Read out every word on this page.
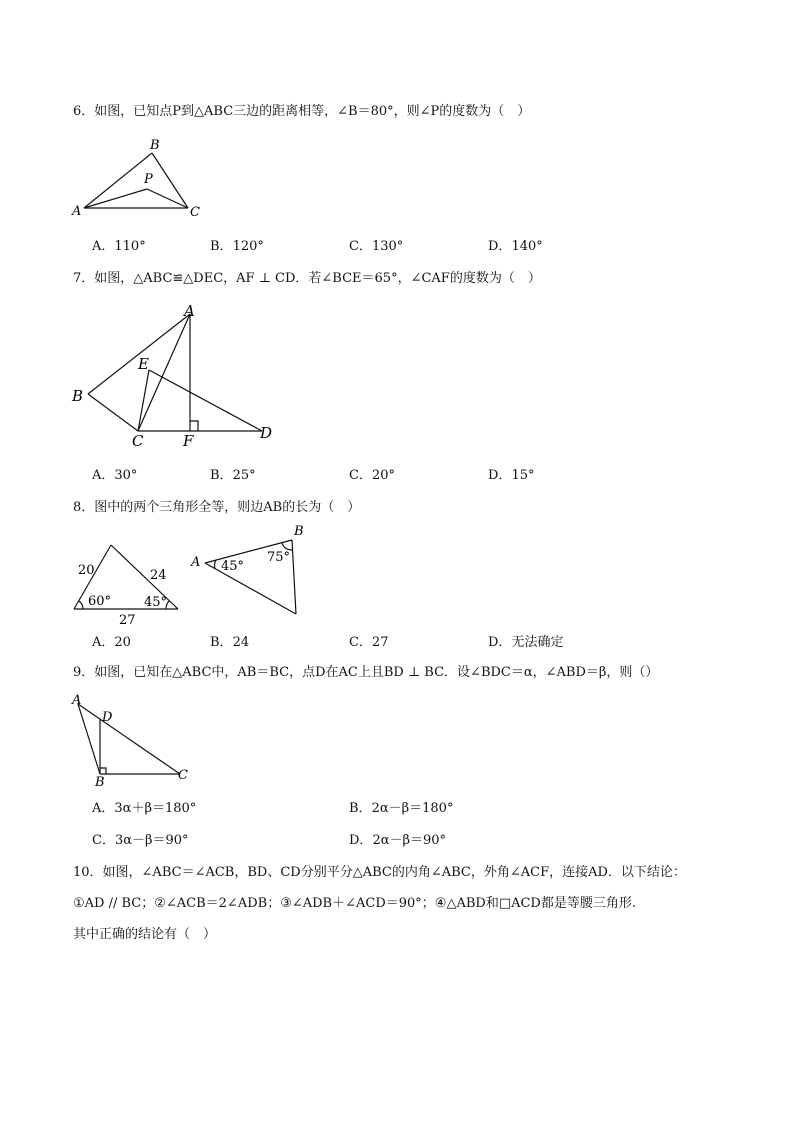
6．如图，已知点P到△ABC三边的距离相等，∠B＝80°，则∠P的度数为（　）
B
P
A	C
A．110°	B．120°	C．130°	D．140°
7．如图，△ABC≌△DEC，AF ⊥ CD．若∠BCE＝65°，∠CAF的度数为（　）
A
E
B
C	F	D
A．30°	B．25°	C．20°	D．15°
8．图中的两个三角形全等，则边AB的长为（　）
20	24
60°	45°
27
B
A 45°
75°
A．20	B．24	C．27	D．无法确定
9．如图，已知在△ABC中，AB＝BC，点D在AC上且BD ⊥ BC．设∠BDC＝α，∠ABD＝β，则（）
A
D
B	C
A．3α＋β＝180°	B．2α－β＝180°
C．3α－β＝90°	D．2α－β＝90°
10．如图，∠ABC＝∠ACB，BD、CD分别平分△ABC的内角∠ABC，外角∠ACF，连接AD．以下结论：
①AD // BC；②∠ACB＝2∠ADB；③∠ADB＋∠ACD＝90°；④△ABD和□ACD都是等腰三角形.
其中正确的结论有（　）
